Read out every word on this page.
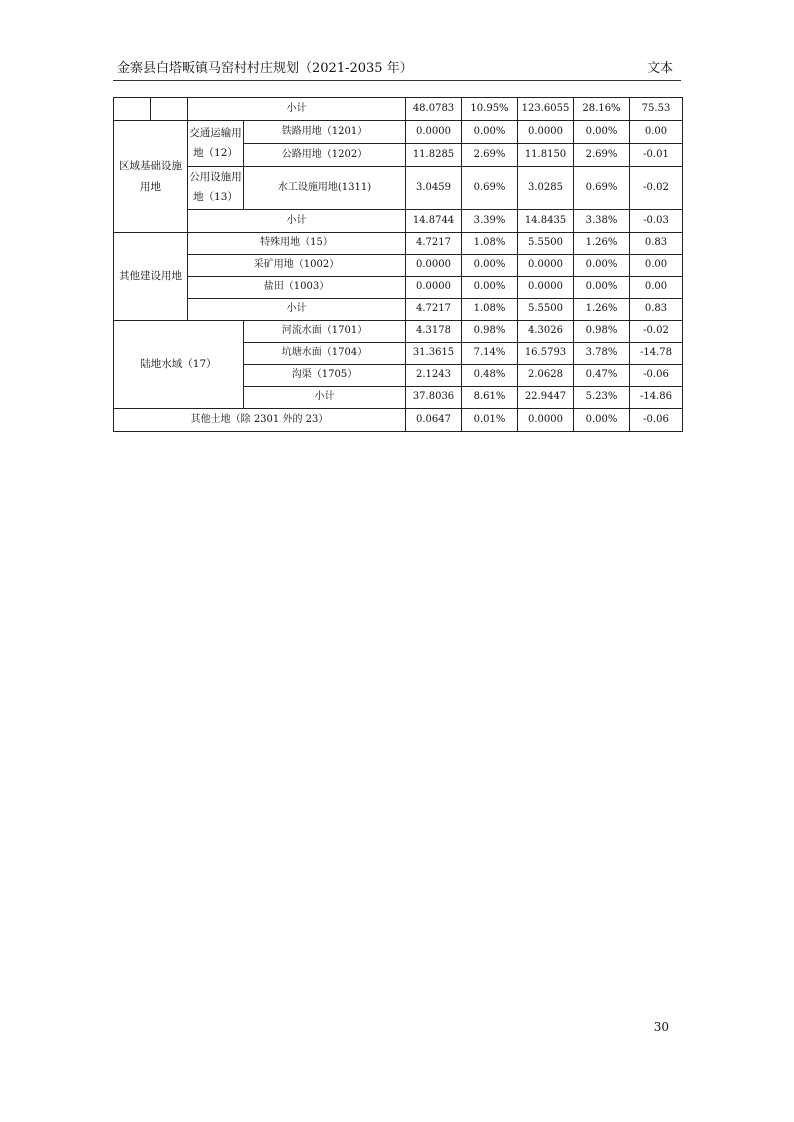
金寨县白塔畈镇马窑村村庄规划（2021-2035 年）	文本
		小计		48.0783	10.95%	123.6055	28.16%	75.53
区域基础设施用地		交通运输用地（12）	铁路用地（1201）	0.0000	0.00%	0.0000	0.00%	0.00
			公路用地（1202）	11.8285	2.69%	11.8150	2.69%	-0.01
		公用设施用地（13）	水工设施用地(1311)	3.0459	0.69%	3.0285	0.69%	-0.02
		小计		14.8744	3.39%	14.8435	3.38%	-0.03
其他建设用地		特殊用地（15）		4.7217	1.08%	5.5500	1.26%	0.83
		采矿用地（1002）		0.0000	0.00%	0.0000	0.00%	0.00
		盐田（1003）		0.0000	0.00%	0.0000	0.00%	0.00
		小计		4.7217	1.08%	5.5500	1.26%	0.83
陆地水域（17）			河流水面（1701）	4.3178	0.98%	4.3026	0.98%	-0.02
			坑塘水面（1704）	31.3615	7.14%	16.5793	3.78%	-14.78
			沟渠（1705）	2.1243	0.48%	2.0628	0.47%	-0.06
			小计	37.8036	8.61%	22.9447	5.23%	-14.86
其他土地（除 2301 外的 23）				0.0647	0.01%	0.0000	0.00%	-0.06
30
